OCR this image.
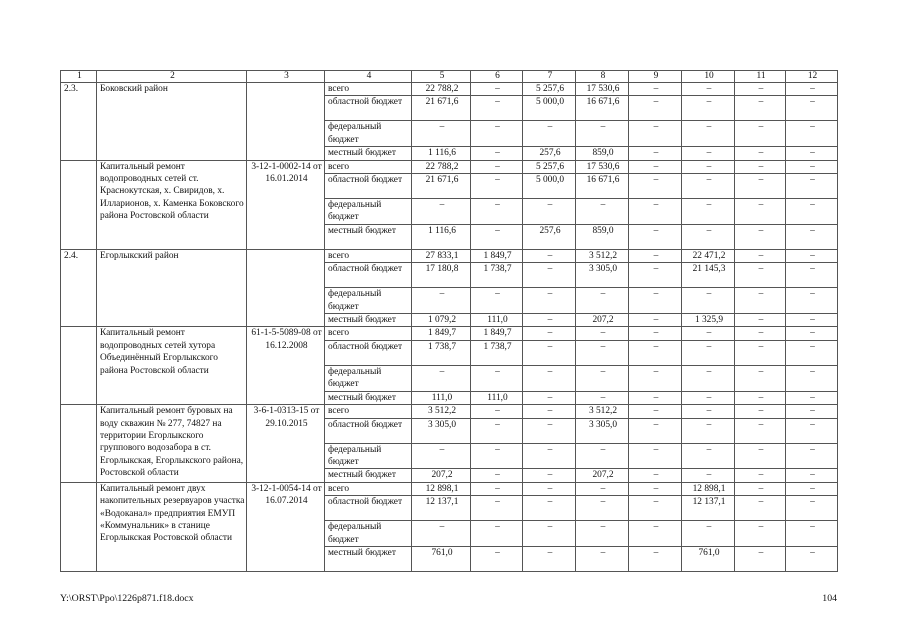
1	2	3	4	5	6	7	8	9	10	11	12
2.3.	Боковский район		всего	22 788,2	–	5 257,6	17 530,6	–	–	–	–
			областной бюджет	21 671,6	–	5 000,0	16 671,6	–	–	–	–
			федеральный бюджет	–	–	–	–	–	–	–	–
			местный бюджет	1 116,6	–	257,6	859,0	–	–	–	–
	Капитальный ремонт водопроводных сетей ст. Краснокутская, х. Свиридов, х. Илларионов, х. Каменка Боковского района Ростовской области	3-12-1-0002-14 от 16.01.2014	всего	22 788,2	–	5 257,6	17 530,6	–	–	–	–
			областной бюджет	21 671,6	–	5 000,0	16 671,6	–	–	–	–
			федеральный бюджет	–	–	–	–	–	–	–	–
			местный бюджет	1 116,6	–	257,6	859,0	–	–	–	–
2.4.	Егорлыкский район		всего	27 833,1	1 849,7	–	3 512,2	–	22 471,2	–	–
			областной бюджет	17 180,8	1 738,7	–	3 305,0	–	21 145,3	–	–
			федеральный бюджет	–	–	–	–	–	–	–	–
			местный бюджет	1 079,2	111,0	–	207,2	–	1 325,9	–	–
	Капитальный ремонт водопроводных сетей хутора Объединённый Егорлыкского района Ростовской области	61-1-5-5089-08 от 16.12.2008	всего	1 849,7	1 849,7	–	–	–	–	–	–
			областной бюджет	1 738,7	1 738,7	–	–	–	–	–	–
			федеральный бюджет	–	–	–	–	–	–	–	–
			местный бюджет	111,0	111,0	–	–	–	–	–	–
	Капитальный ремонт буровых на воду скважин № 277, 74827 на территории Егорлыкского группового водозабора в ст. Егорлыкская, Егорлыкского района, Ростовской области	3-6-1-0313-15 от 29.10.2015	всего	3 512,2	–	–	3 512,2	–	–	–	–
			областной бюджет	3 305,0	–	–	3 305,0	–	–	–	–
			федеральный бюджет	–	–	–	–	–	–	–	–
			местный бюджет	207,2	–	–	207,2	–	–	–	–
	Капитальный ремонт двух накопительных резервуаров участка «Водоканал» предприятия ЕМУП «Коммунальник» в станице Егорлыкская Ростовской области	3-12-1-0054-14 от 16.07.2014	всего	12 898,1	–	–	–	–	12 898,1	–	–
			областной бюджет	12 137,1	–	–	–	–	12 137,1	–	–
			федеральный бюджет	–	–	–	–	–	–	–	–
			местный бюджет	761,0	–	–	–	–	761,0	–	–
Y:\ORST\Ppo\1226p871.f18.docx	104
